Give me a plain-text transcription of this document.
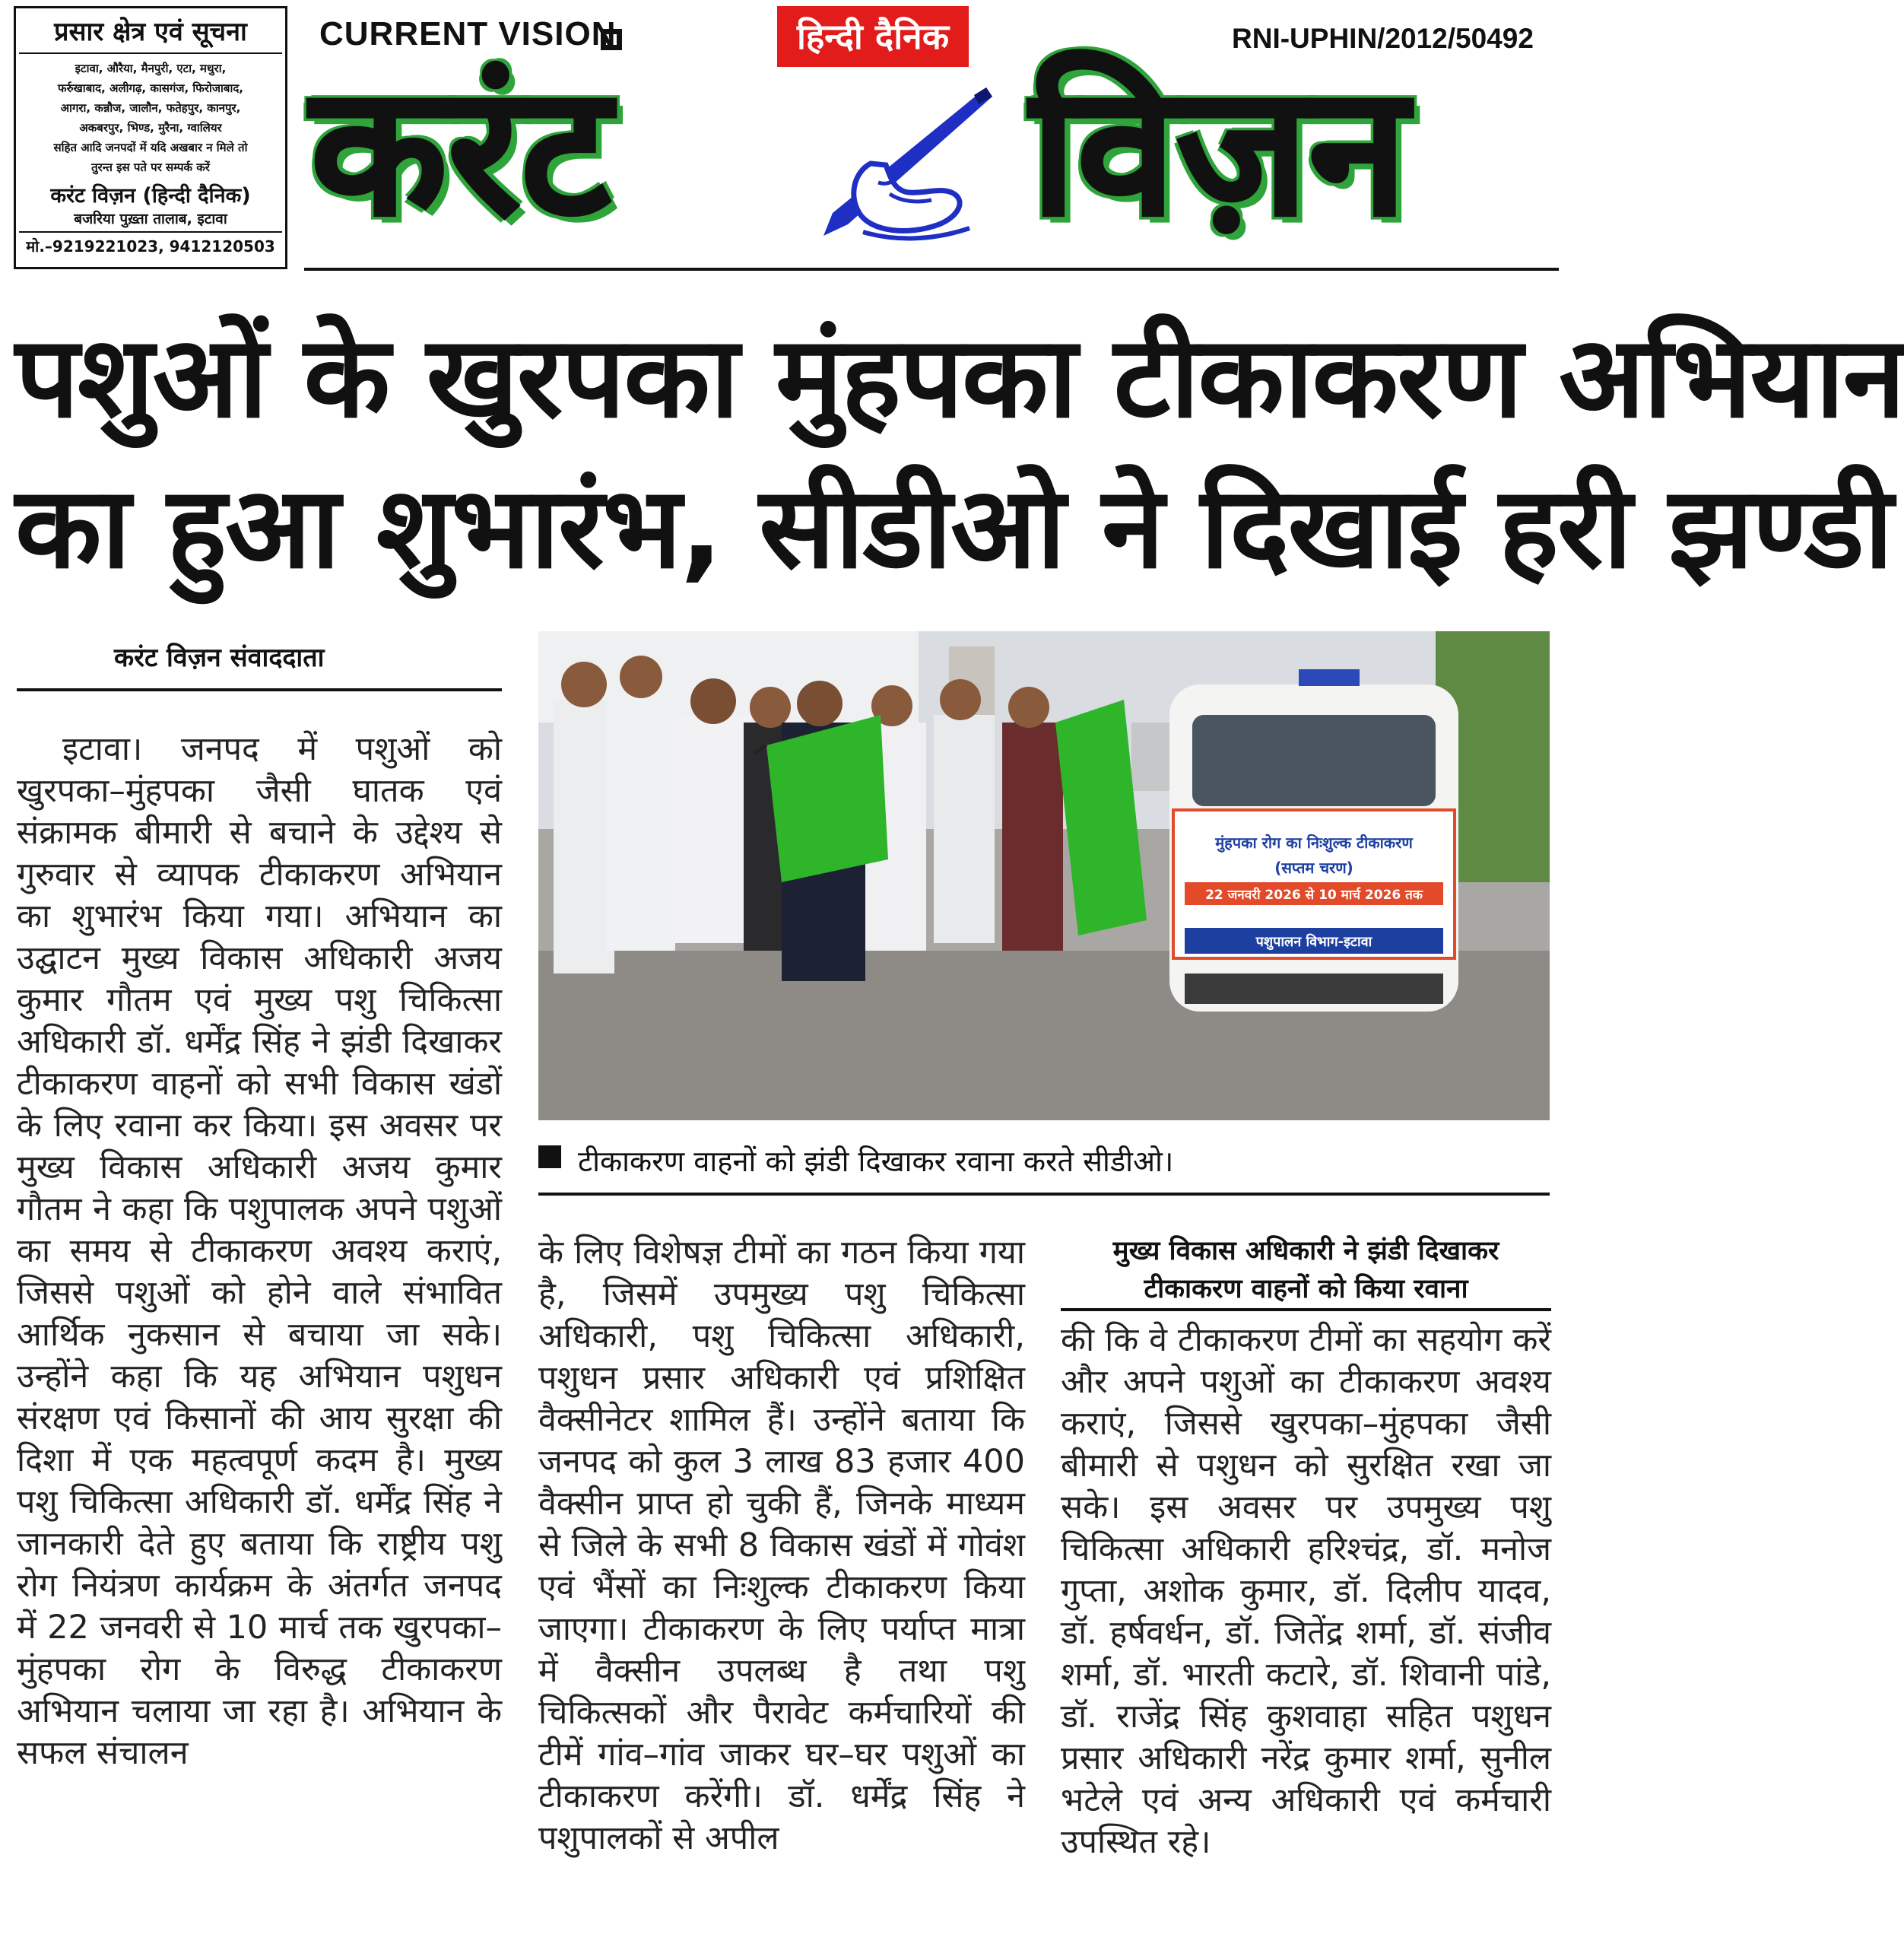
प्रसार क्षेत्र एवं सूचना
इटावा, औरैया, मैनपुरी, एटा, मथुरा,
फर्रुखाबाद, अलीगढ़, कासगंज, फिरोजाबाद,
आगरा, कन्नौज, जालौन, फतेहपुर, कानपुर,
अकबरपुर, भिण्ड, मुरैना, ग्वालियर
सहित आदि जनपदों में यदि अखबार न मिले तो
तुरन्त इस पते पर सम्पर्क करें
करंट विज़न (हिन्दी दैनिक)
बजरिया पुख़्ता तालाब, इटावा
मो.–9219221023, 9412120503
CURRENT VISION	हिन्दी दैनिक	RNI-UPHIN/2012/50492
करंट विज़न
पशुओं के खुरपका मुंहपका टीकाकरण अभियान
का हुआ शुभारंभ, सीडीओ ने दिखाई हरी झण्डी
करंट विज़न संवाददाता

इटावा। जनपद में पशुओं को खुरपका–मुंहपका जैसी घातक एवं संक्रामक बीमारी से बचाने के उद्देश्य से गुरुवार से व्यापक टीकाकरण अभियान का शुभारंभ किया गया। अभियान का उद्घाटन मुख्य विकास अधिकारी अजय कुमार गौतम एवं मुख्य पशु चिकित्सा अधिकारी डॉ. धर्मेंद्र सिंह ने झंडी दिखाकर टीकाकरण वाहनों को सभी विकास खंडों के लिए रवाना कर किया। इस अवसर पर मुख्य विकास अधिकारी अजय कुमार गौतम ने कहा कि पशुपालक अपने पशुओं का समय से टीकाकरण अवश्य कराएं, जिससे पशुओं को होने वाले संभावित आर्थिक नुकसान से बचाया जा सके। उन्होंने कहा कि यह अभियान पशुधन संरक्षण एवं किसानों की आय सुरक्षा की दिशा में एक महत्वपूर्ण कदम है। मुख्य पशु चिकित्सा अधिकारी डॉ. धर्मेंद्र सिंह ने जानकारी देते हुए बताया कि राष्ट्रीय पशु रोग नियंत्रण कार्यक्रम के अंतर्गत जनपद में 22 जनवरी से 10 मार्च तक खुरपका–मुंहपका रोग के विरुद्ध टीकाकरण अभियान चलाया जा रहा है। अभियान के सफल संचालन

मुंहपका रोग का निःशुल्क टीकाकरण
(सप्तम चरण)
22 जनवरी 2026 से 10 मार्च 2026 तक
पशुपालन विभाग-इटावा
टीकाकरण वाहनों को झंडी दिखाकर रवाना करते सीडीओ।
मुख्य विकास अधिकारी ने झंडी दिखाकर
टीकाकरण वाहनों को किया रवाना

के लिए विशेषज्ञ टीमों का गठन किया गया है, जिसमें उपमुख्य पशु चिकित्सा अधिकारी, पशु चिकित्सा अधिकारी, पशुधन प्रसार अधिकारी एवं प्रशिक्षित वैक्सीनेटर शामिल हैं। उन्होंने बताया कि जनपद को कुल 3 लाख 83 हजार 400 वैक्सीन प्राप्त हो चुकी हैं, जिनके माध्यम से जिले के सभी 8 विकास खंडों में गोवंश एवं भैंसों का निःशुल्क टीकाकरण किया जाएगा। टीकाकरण के लिए पर्याप्त मात्रा में वैक्सीन उपलब्ध है तथा पशु चिकित्सकों और पैरावेट कर्मचारियों की टीमें गांव–गांव जाकर घर–घर पशुओं का टीकाकरण करेंगी। डॉ. धर्मेंद्र सिंह ने पशुपालकों से अपील

की कि वे टीकाकरण टीमों का सहयोग करें और अपने पशुओं का टीकाकरण अवश्य कराएं, जिससे खुरपका–मुंहपका जैसी बीमारी से पशुधन को सुरक्षित रखा जा सके। इस अवसर पर उपमुख्य पशु चिकित्सा अधिकारी हरिश्चंद्र, डॉ. मनोज गुप्ता, अशोक कुमार, डॉ. दिलीप यादव, डॉ. हर्षवर्धन, डॉ. जितेंद्र शर्मा, डॉ. संजीव शर्मा, डॉ. भारती कटारे, डॉ. शिवानी पांडे, डॉ. राजेंद्र सिंह कुशवाहा सहित पशुधन प्रसार अधिकारी नरेंद्र कुमार शर्मा, सुनील भटेले एवं अन्य अधिकारी एवं कर्मचारी उपस्थित रहे।
